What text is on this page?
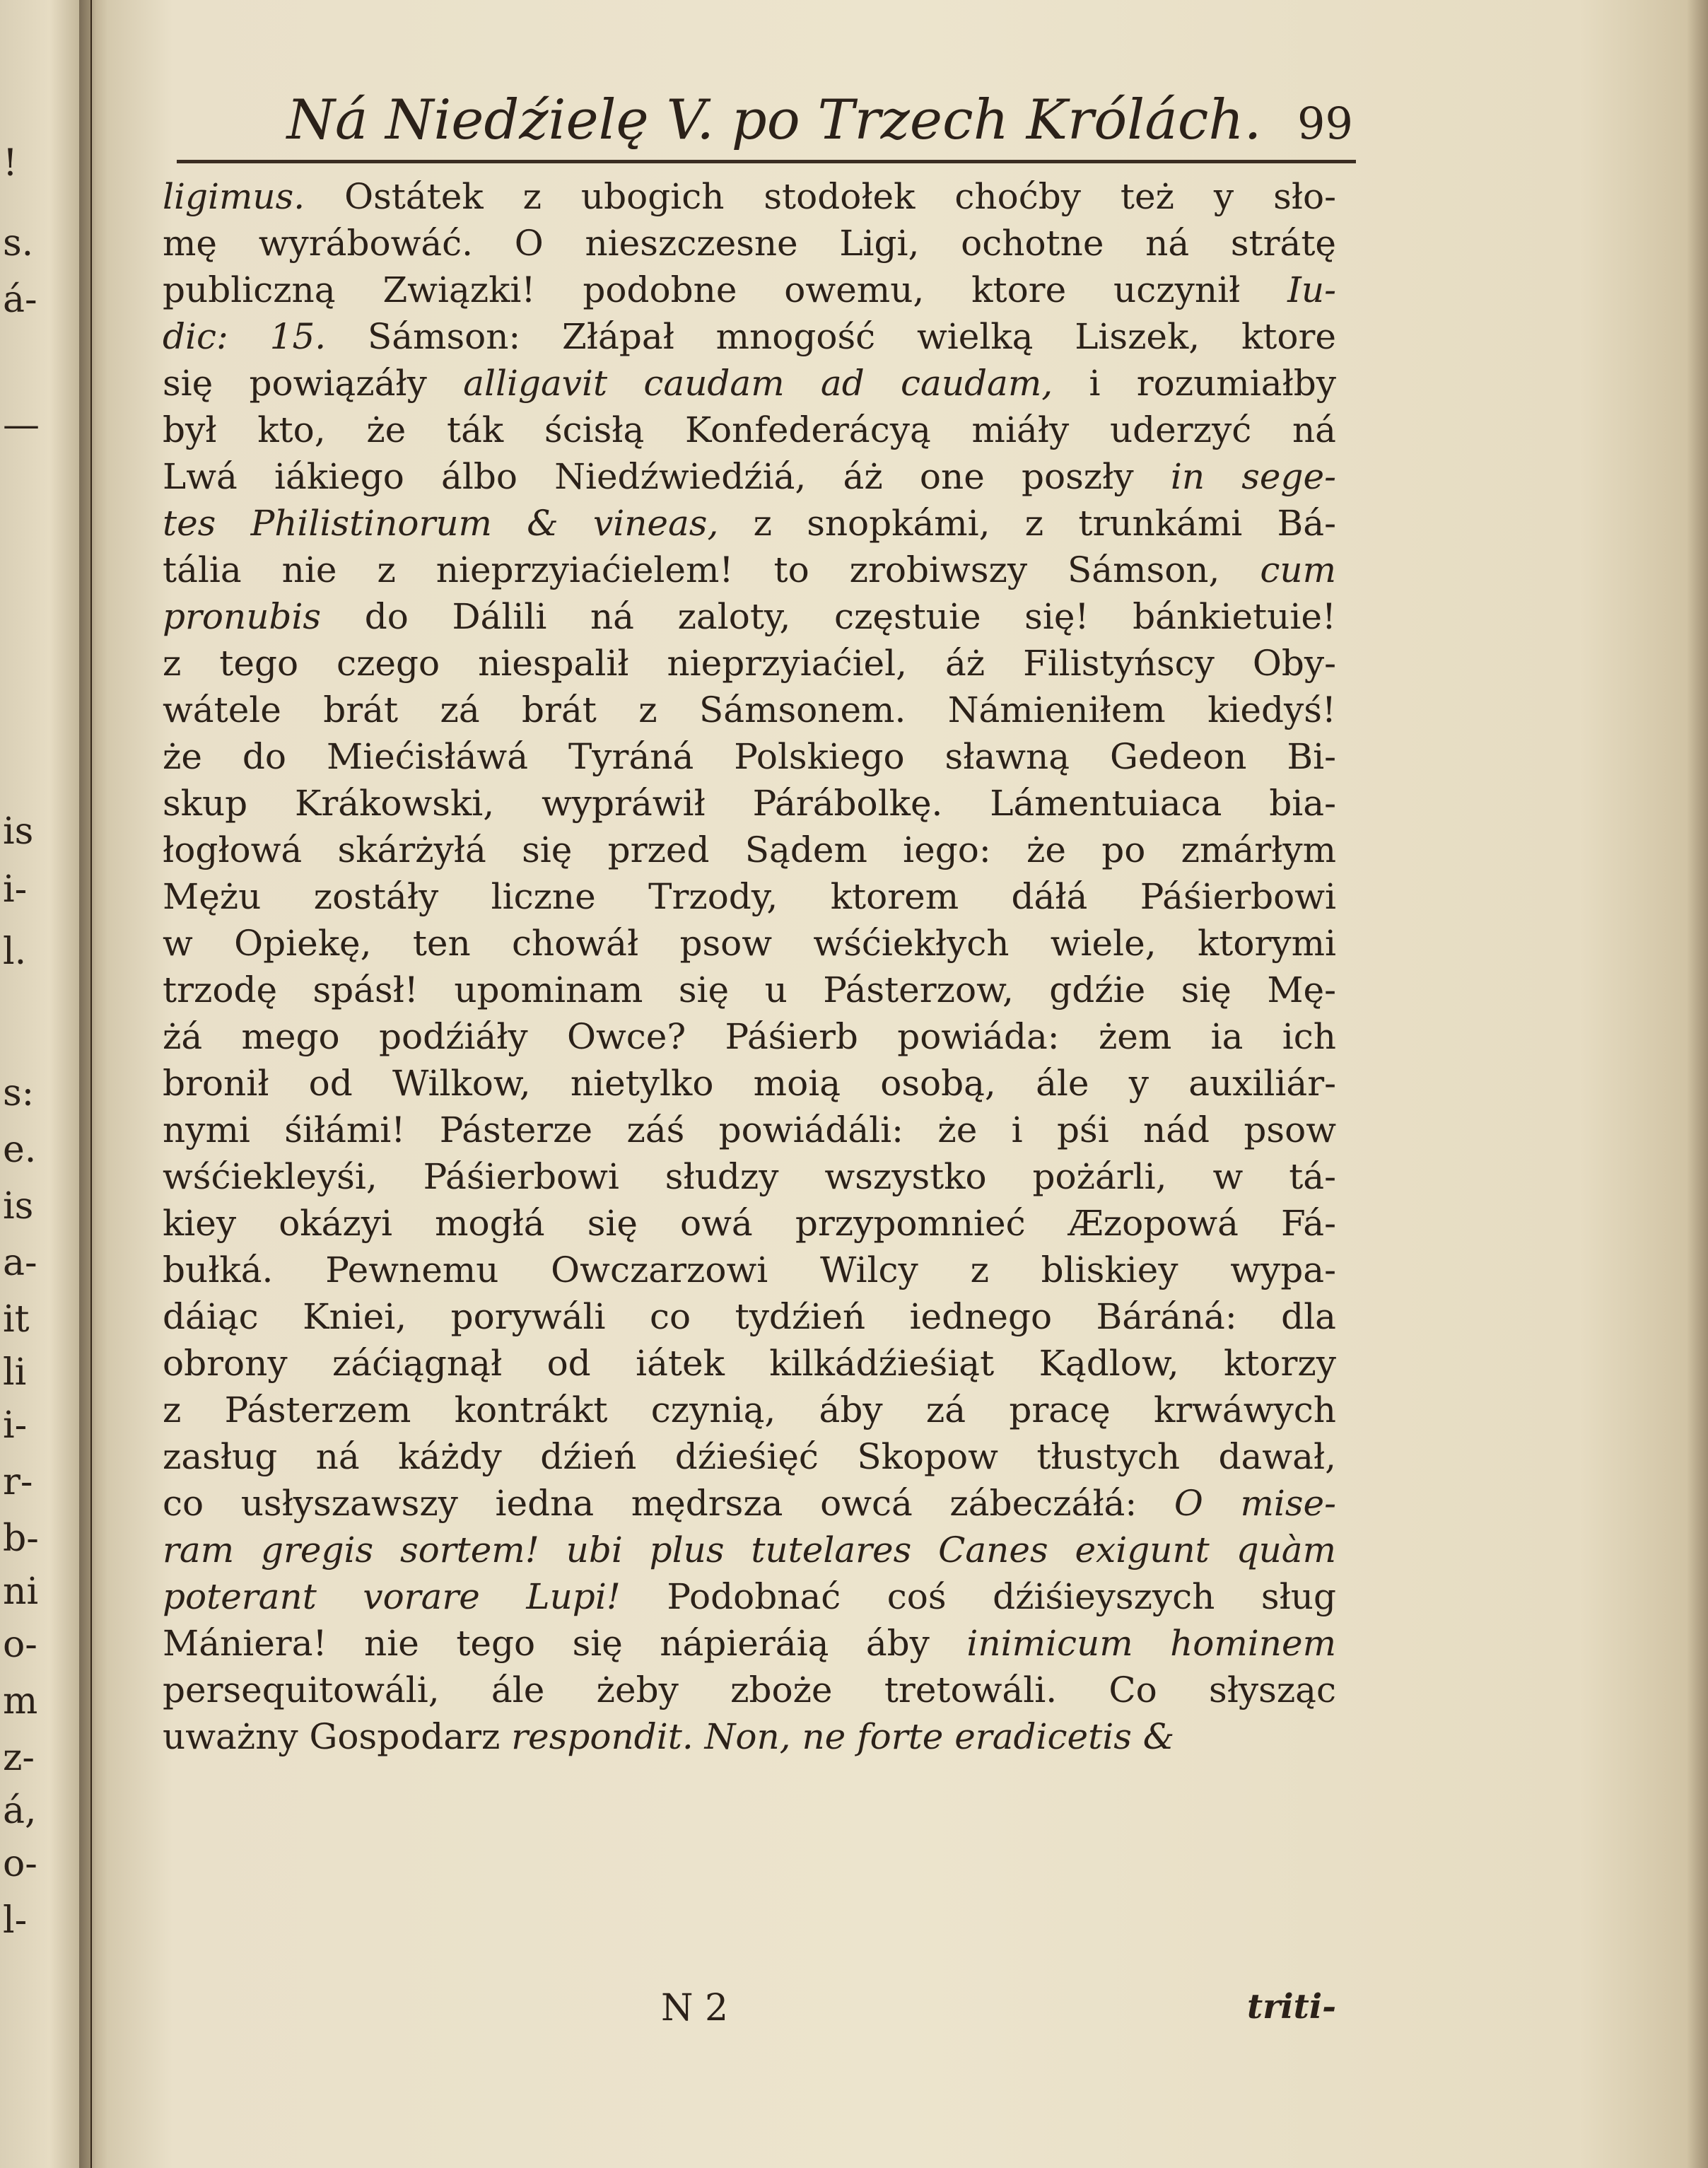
!
s.
á-
—
is
i-
l.
s:
e.
is
a-
it
li
i-
r-
b-
ni
o-
m
z-
á,
o-
l-
Ná Niedźielę V. po Trzech Królách. 99
ligimus. Ostátek z ubogich stodołek choćby też y sło-
mę wyrábowáć. O nieszczesne Ligi, ochotne ná strátę
publiczną Związki! podobne owemu, ktore uczynił Iu-
dic: 15. Sámson: Złápał mnogość wielką Liszek, ktore
się powiązáły alligavit caudam ad caudam, i rozumiałby
był kto, że ták ścisłą Konfederácyą miáły uderzyć ná
Lwá iákiego álbo Niedźwiedźiá, áż one poszły in sege-
tes Philistinorum & vineas, z snopkámi, z trunkámi Bá-
tália nie z nieprzyiaćielem! to zrobiwszy Sámson, cum
pronubis do Dálili ná zaloty, częstuie się! bánkietuie!
z tego czego niespalił nieprzyiaćiel, áż Filistyńscy Oby-
wátele brát zá brát z Sámsonem. Námieniłem kiedyś!
że do Miećisłáwá Tyráná Polskiego sławną Gedeon Bi-
skup Krákowski, wypráwił Párábolkę. Lámentuiaca bia-
łogłowá skárżyłá się przed Sądem iego: że po zmárłym
Mężu zostáły liczne Trzody, ktorem dáłá Páśierbowi
w Opiekę, ten chowáł psow wśćiekłych wiele, ktorymi
trzodę spásł! upominam się u Pásterzow, gdźie się Mę-
żá mego podźiáły Owce? Páśierb powiáda: żem ia ich
bronił od Wilkow, nietylko moią osobą, ále y auxiliár-
nymi śiłámi! Pásterze záś powiádáli: że i pśi nád psow
wśćiekleyśi, Páśierbowi słudzy wszystko pożárli, w tá-
kiey okázyi mogłá się owá przypomnieć Æzopowá Fá-
bułká. Pewnemu Owczarzowi Wilcy z bliskiey wypa-
dáiąc Kniei, porywáli co tydźień iednego Báráná: dla
obrony záćiągnął od iátek kilkádźieśiąt Kądlow, ktorzy
z Pásterzem kontrákt czynią, áby zá pracę krwáwych
zasług ná káżdy dźień dźieśięć Skopow tłustych dawał,
co usłyszawszy iedna mędrsza owcá zábeczáłá: O mise-
ram gregis sortem! ubi plus tutelares Canes exigunt quàm
poterant vorare Lupi! Podobnać coś dźiśieyszych sług
Mániera! nie tego się nápieráią áby inimicum hominem
persequitowáli, ále żeby zboże tretowáli. Co słysząc
uważny Gospodarz respondit. Non, ne forte eradicetis &
N 2	triti-
